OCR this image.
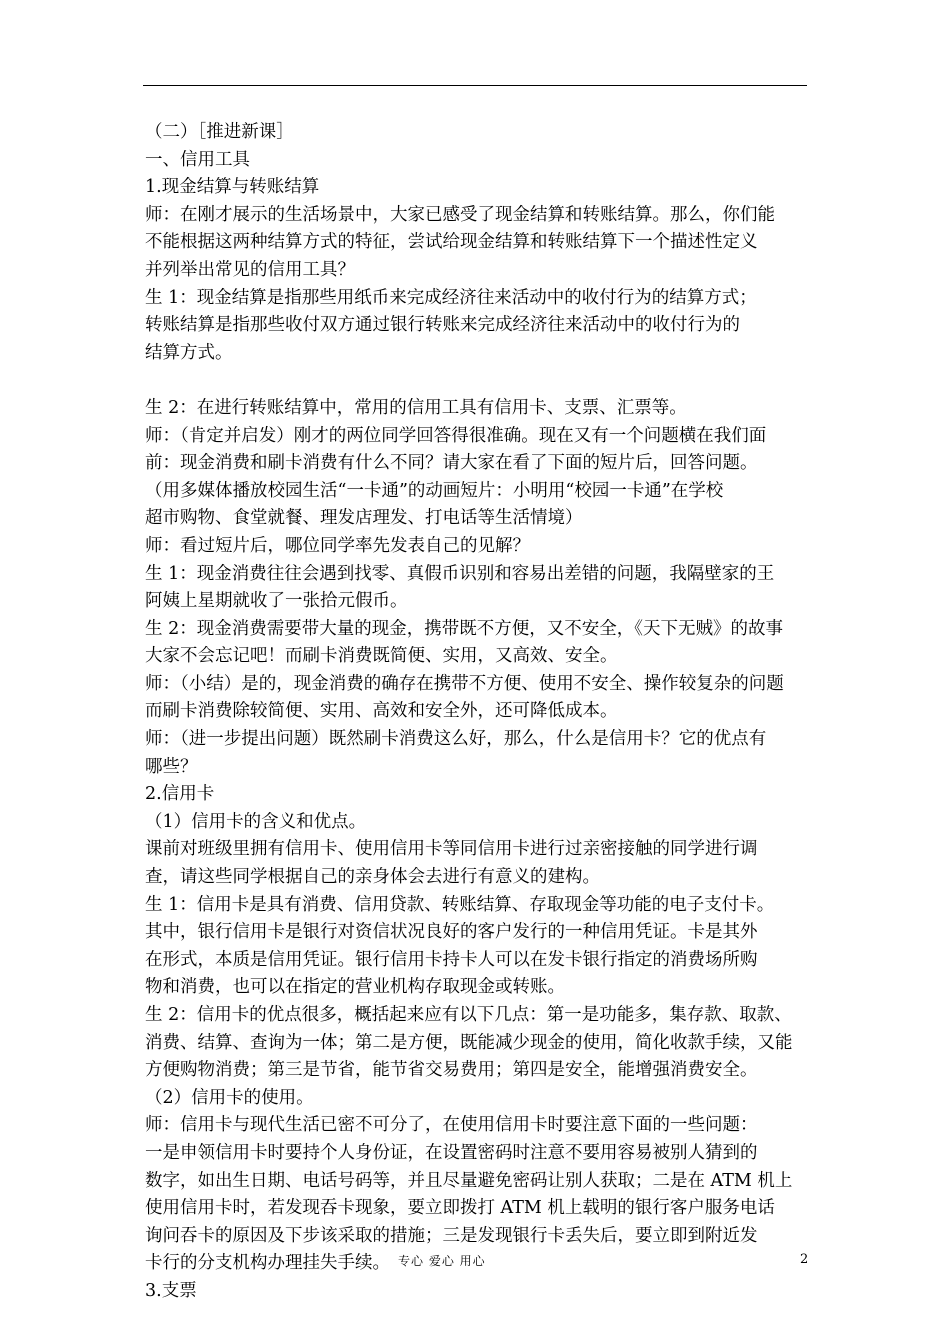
（二）［推进新课］
一、信用工具
1.现金结算与转账结算
师：在刚才展示的生活场景中，大家已感受了现金结算和转账结算。那么，你们能
不能根据这两种结算方式的特征，尝试给现金结算和转账结算下一个描述性定义
并列举出常见的信用工具？
生 1：现金结算是指那些用纸币来完成经济往来活动中的收付行为的结算方式；
转账结算是指那些收付双方通过银行转账来完成经济往来活动中的收付行为的
结算方式。
生 2：在进行转账结算中，常用的信用工具有信用卡、支票、汇票等。
师：（肯定并启发）刚才的两位同学回答得很准确。现在又有一个问题横在我们面
前：现金消费和刷卡消费有什么不同？请大家在看了下面的短片后，回答问题。
（用多媒体播放校园生活“一卡通”的动画短片：小明用“校园一卡通”在学校
超市购物、食堂就餐、理发店理发、打电话等生活情境）
师：看过短片后，哪位同学率先发表自己的见解？
生 1：现金消费往往会遇到找零、真假币识别和容易出差错的问题，我隔壁家的王
阿姨上星期就收了一张拾元假币。
生 2：现金消费需要带大量的现金，携带既不方便，又不安全，《天下无贼》的故事
大家不会忘记吧！而刷卡消费既简便、实用，又高效、安全。
师：（小结）是的，现金消费的确存在携带不方便、使用不安全、操作较复杂的问题
而刷卡消费除较简便、实用、高效和安全外，还可降低成本。
师：（进一步提出问题）既然刷卡消费这么好，那么，什么是信用卡？它的优点有
哪些？
2.信用卡
（1）信用卡的含义和优点。
课前对班级里拥有信用卡、使用信用卡等同信用卡进行过亲密接触的同学进行调
查，请这些同学根据自己的亲身体会去进行有意义的建构。
生 1：信用卡是具有消费、信用贷款、转账结算、存取现金等功能的电子支付卡。
其中，银行信用卡是银行对资信状况良好的客户发行的一种信用凭证。卡是其外
在形式，本质是信用凭证。银行信用卡持卡人可以在发卡银行指定的消费场所购
物和消费，也可以在指定的营业机构存取现金或转账。
生 2：信用卡的优点很多，概括起来应有以下几点：第一是功能多，集存款、取款、
消费、结算、查询为一体；第二是方便，既能减少现金的使用，简化收款手续，又能
方便购物消费；第三是节省，能节省交易费用；第四是安全，能增强消费安全。
（2）信用卡的使用。
师：信用卡与现代生活已密不可分了，在使用信用卡时要注意下面的一些问题：
一是申领信用卡时要持个人身份证，在设置密码时注意不要用容易被别人猜到的
数字，如出生日期、电话号码等，并且尽量避免密码让别人获取；二是在 ATM 机上
使用信用卡时，若发现吞卡现象，要立即拨打 ATM 机上载明的银行客户服务电话
询问吞卡的原因及下步该采取的措施；三是发现银行卡丢失后，要立即到附近发
卡行的分支机构办理挂失手续。
3.支票
专心 爱心 用心	2
